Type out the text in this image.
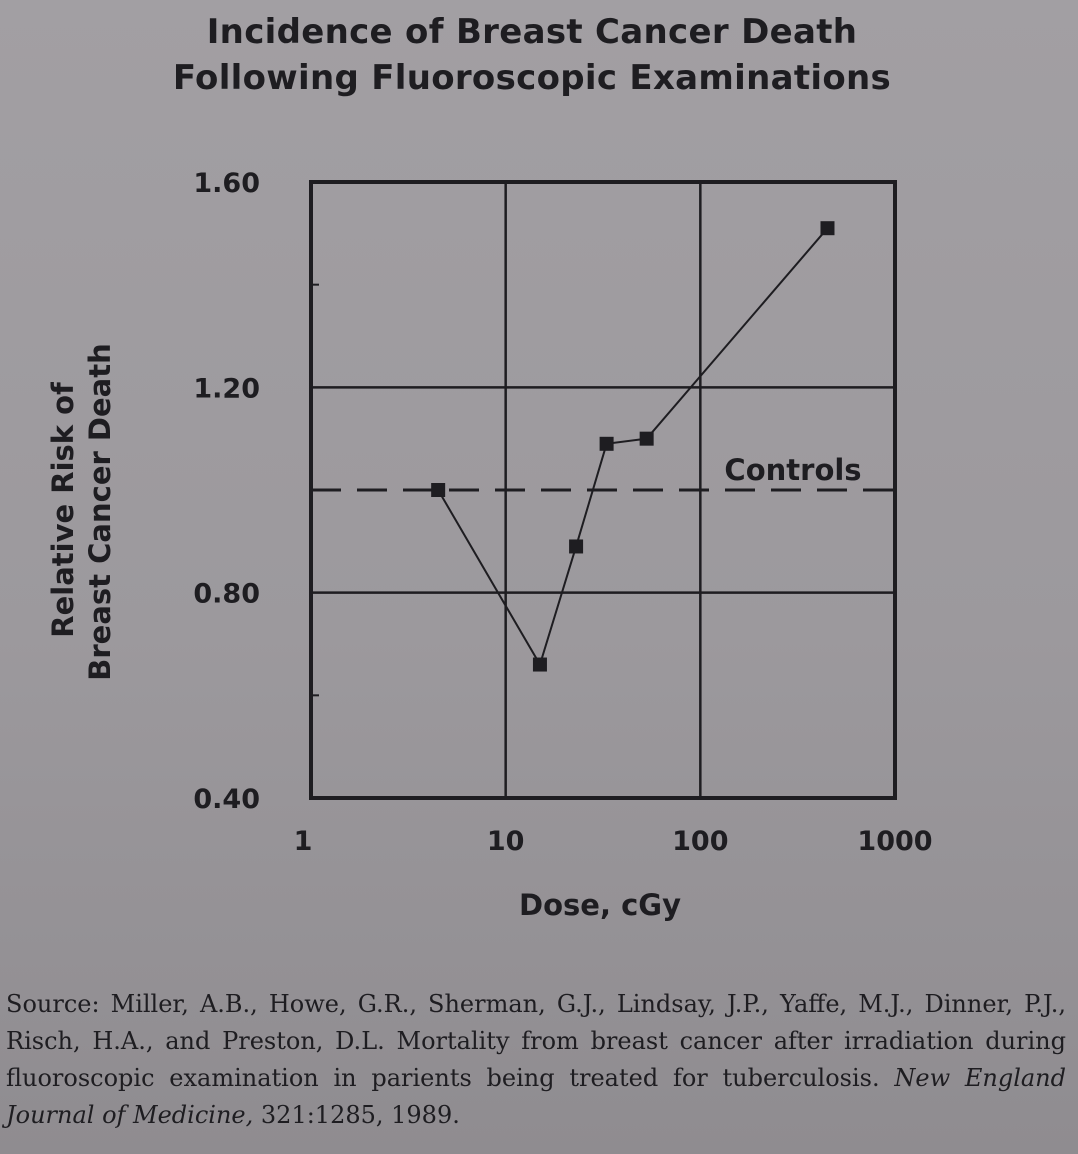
Incidence of Breast Cancer Death
Following Fluoroscopic Examinations
0.40
0.80
1.20
1.60
1	10	100	1000
Dose, cGy
Relative Risk of Breast Cancer Death	Controls
Source: Miller, A.B., Howe, G.R., Sherman, G.J., Lindsay, J.P., Yaffe, M.J., Dinner, P.J., Risch, H.A., and Preston, D.L. Mortality from breast cancer after irradiation during fluoroscopic examination in parients being treated for tuberculosis. New England Journal of Medicine, 321:1285, 1989.
